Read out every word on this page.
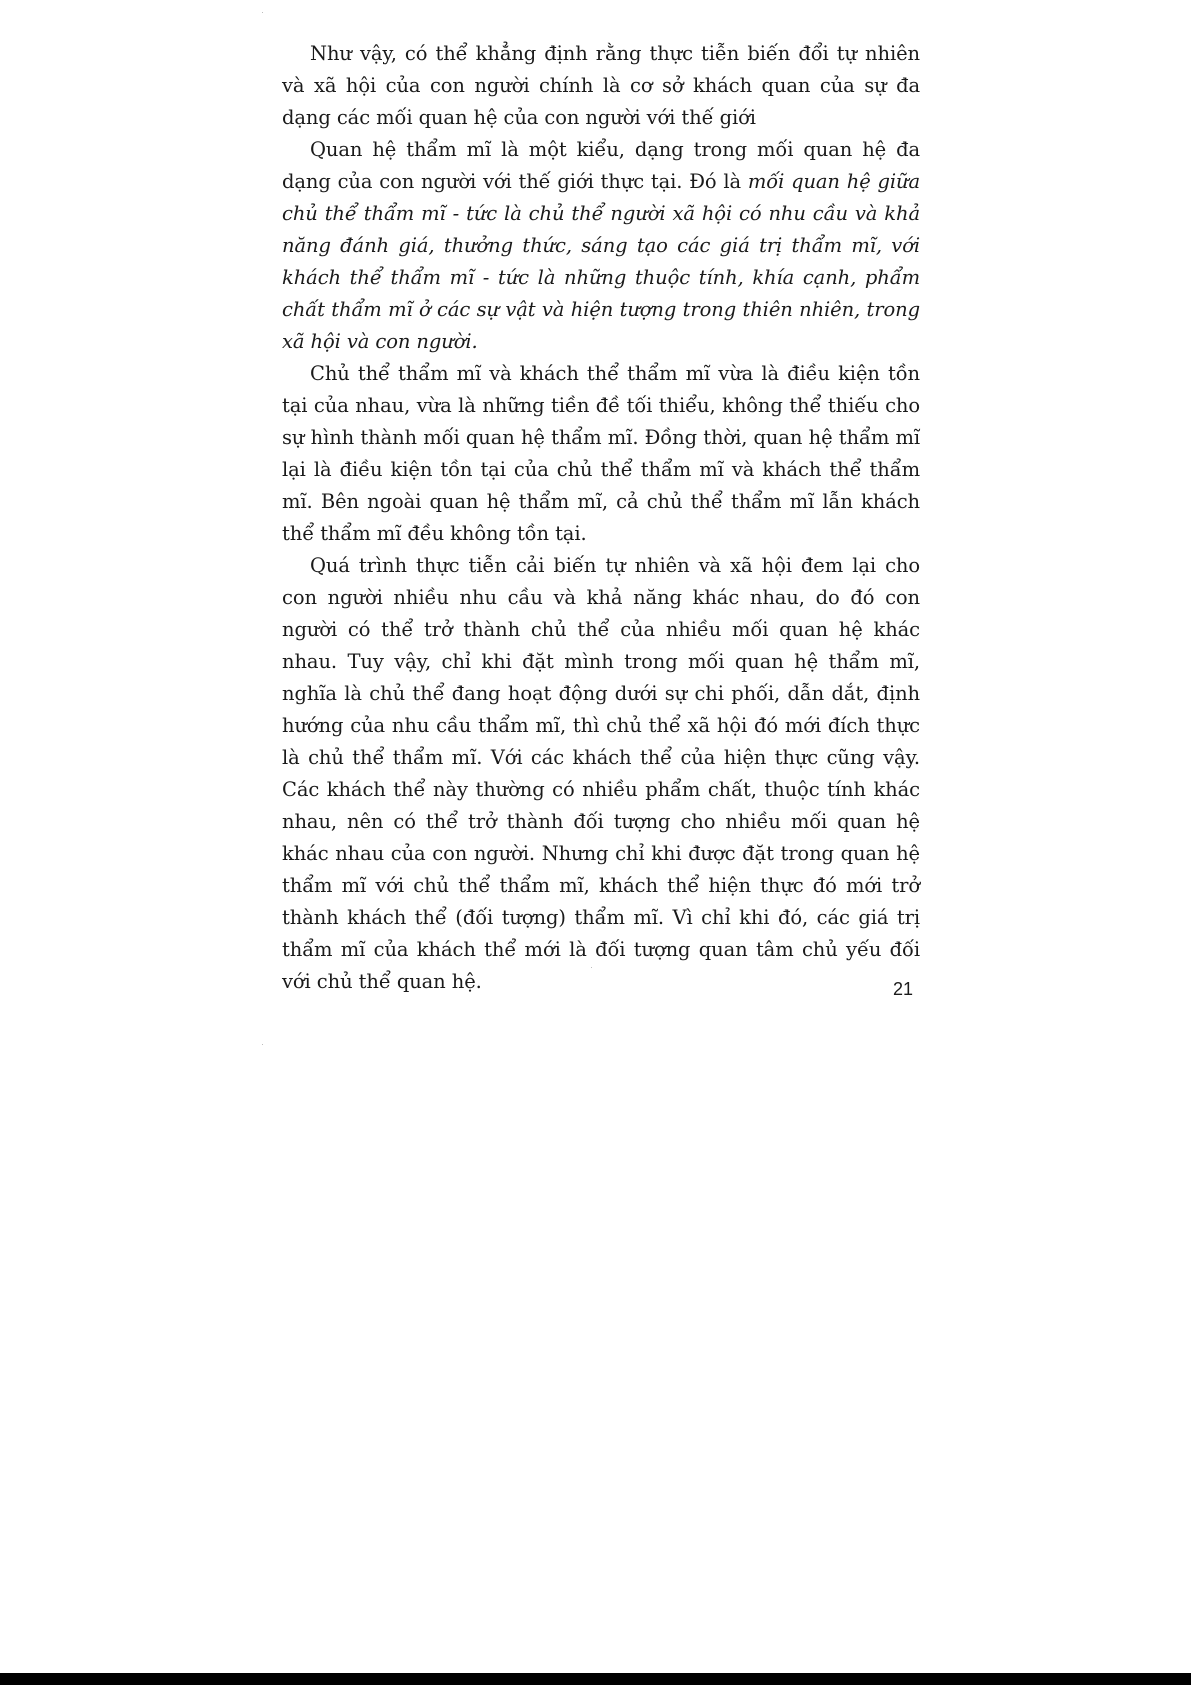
Như vậy, có thể khẳng định rằng thực tiễn biến đổi tự nhiên và xã hội của con người chính là cơ sở khách quan của sự đa dạng các mối quan hệ của con người với thế giới

Quan hệ thẩm mĩ là một kiểu, dạng trong mối quan hệ đa dạng của con người với thế giới thực tại. Đó là mối quan hệ giữa chủ thể thẩm mĩ - tức là chủ thể người xã hội có nhu cầu và khả năng đánh giá, thưởng thức, sáng tạo các giá trị thẩm mĩ, với khách thể thẩm mĩ - tức là những thuộc tính, khía cạnh, phẩm chất thẩm mĩ ở các sự vật và hiện tượng trong thiên nhiên, trong xã hội và con người.

Chủ thể thẩm mĩ và khách thể thẩm mĩ vừa là điều kiện tồn tại của nhau, vừa là những tiền đề tối thiểu, không thể thiếu cho sự hình thành mối quan hệ thẩm mĩ. Đồng thời, quan hệ thẩm mĩ lại là điều kiện tồn tại của chủ thể thẩm mĩ và khách thể thẩm mĩ. Bên ngoài quan hệ thẩm mĩ, cả chủ thể thẩm mĩ lẫn khách thể thẩm mĩ đều không tồn tại.

Quá trình thực tiễn cải biến tự nhiên và xã hội đem lại cho con người nhiều nhu cầu và khả năng khác nhau, do đó con người có thể trở thành chủ thể của nhiều mối quan hệ khác nhau. Tuy vậy, chỉ khi đặt mình trong mối quan hệ thẩm mĩ, nghĩa là chủ thể đang hoạt động dưới sự chi phối, dẫn dắt, định hướng của nhu cầu thẩm mĩ, thì chủ thể xã hội đó mới đích thực là chủ thể thẩm mĩ. Với các khách thể của hiện thực cũng vậy. Các khách thể này thường có nhiều phẩm chất, thuộc tính khác nhau, nên có thể trở thành đối tượng cho nhiều mối quan hệ khác nhau của con người. Nhưng chỉ khi được đặt trong quan hệ thẩm mĩ với chủ thể thẩm mĩ, khách thể hiện thực đó mới trở thành khách thể (đối tượng) thẩm mĩ. Vì chỉ khi đó, các giá trị thẩm mĩ của khách thể mới là đối tượng quan tâm chủ yếu đối với chủ thể quan hệ.	21
